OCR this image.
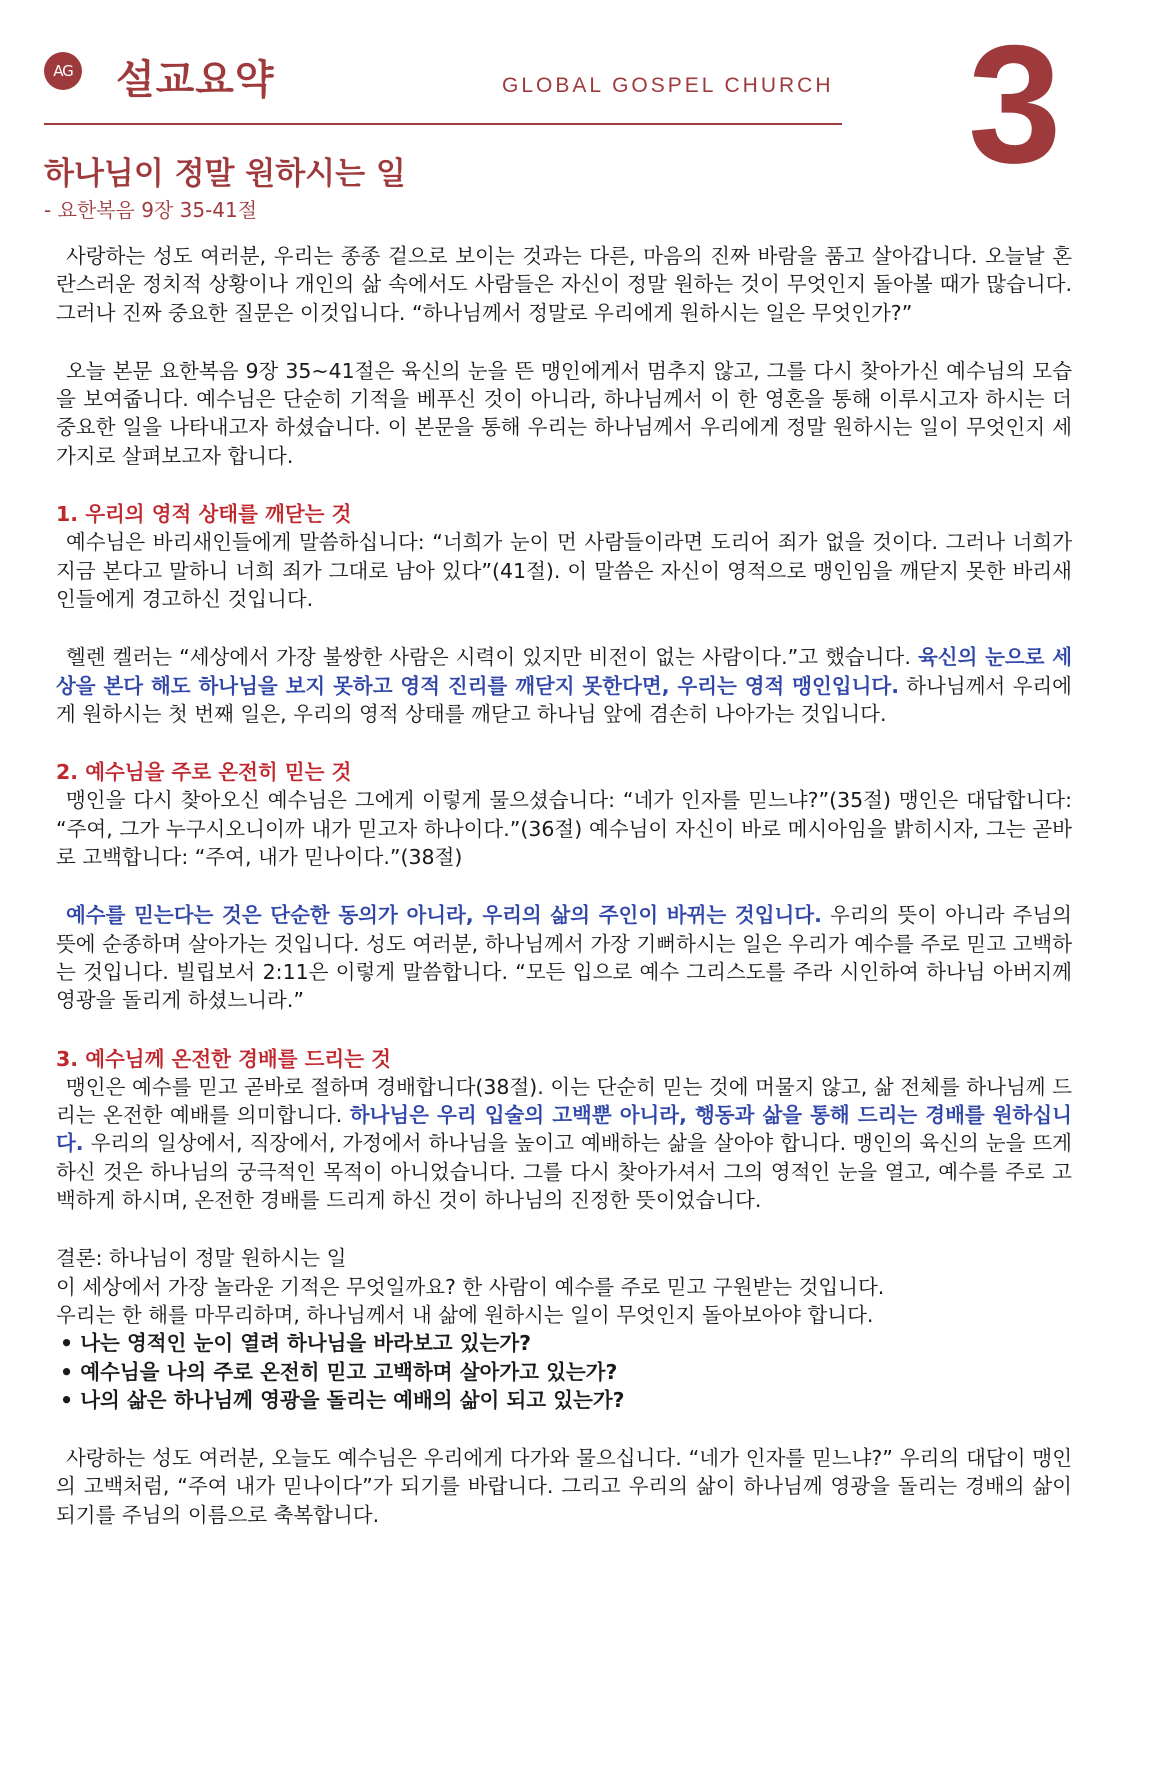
AG 설교요약	GLOBAL GOSPEL CHURCH 3
하나님이 정말 원하시는 일
- 요한복음 9장 35-41절

사랑하는 성도 여러분, 우리는 종종 겉으로 보이는 것과는 다른, 마음의 진짜 바람을 품고 살아갑니다. 오늘날 혼란스러운 정치적 상황이나 개인의 삶 속에서도 사람들은 자신이 정말 원하는 것이 무엇인지 돌아볼 때가 많습니다. 그러나 진짜 중요한 질문은 이것입니다. “하나님께서 정말로 우리에게 원하시는 일은 무엇인가?”

오늘 본문 요한복음 9장 35~41절은 육신의 눈을 뜬 맹인에게서 멈추지 않고, 그를 다시 찾아가신 예수님의 모습을 보여줍니다. 예수님은 단순히 기적을 베푸신 것이 아니라, 하나님께서 이 한 영혼을 통해 이루시고자 하시는 더 중요한 일을 나타내고자 하셨습니다. 이 본문을 통해 우리는 하나님께서 우리에게 정말 원하시는 일이 무엇인지 세 가지로 살펴보고자 합니다.

1. 우리의 영적 상태를 깨닫는 것

예수님은 바리새인들에게 말씀하십니다: “너희가 눈이 먼 사람들이라면 도리어 죄가 없을 것이다. 그러나 너희가 지금 본다고 말하니 너희 죄가 그대로 남아 있다”(41절). 이 말씀은 자신이 영적으로 맹인임을 깨닫지 못한 바리새인들에게 경고하신 것입니다.

헬렌 켈러는 “세상에서 가장 불쌍한 사람은 시력이 있지만 비전이 없는 사람이다.”고 했습니다. 육신의 눈으로 세상을 본다 해도 하나님을 보지 못하고 영적 진리를 깨닫지 못한다면, 우리는 영적 맹인입니다. 하나님께서 우리에게 원하시는 첫 번째 일은, 우리의 영적 상태를 깨닫고 하나님 앞에 겸손히 나아가는 것입니다.

2. 예수님을 주로 온전히 믿는 것

맹인을 다시 찾아오신 예수님은 그에게 이렇게 물으셨습니다: “네가 인자를 믿느냐?”(35절) 맹인은 대답합니다: “주여, 그가 누구시오니이까 내가 믿고자 하나이다.”(36절) 예수님이 자신이 바로 메시아임을 밝히시자, 그는 곧바로 고백합니다: “주여, 내가 믿나이다.”(38절)

예수를 믿는다는 것은 단순한 동의가 아니라, 우리의 삶의 주인이 바뀌는 것입니다. 우리의 뜻이 아니라 주님의 뜻에 순종하며 살아가는 것입니다. 성도 여러분, 하나님께서 가장 기뻐하시는 일은 우리가 예수를 주로 믿고 고백하는 것입니다. 빌립보서 2:11은 이렇게 말씀합니다. “모든 입으로 예수 그리스도를 주라 시인하여 하나님 아버지께 영광을 돌리게 하셨느니라.”

3. 예수님께 온전한 경배를 드리는 것

맹인은 예수를 믿고 곧바로 절하며 경배합니다(38절). 이는 단순히 믿는 것에 머물지 않고, 삶 전체를 하나님께 드리는 온전한 예배를 의미합니다. 하나님은 우리 입술의 고백뿐 아니라, 행동과 삶을 통해 드리는 경배를 원하십니다. 우리의 일상에서, 직장에서, 가정에서 하나님을 높이고 예배하는 삶을 살아야 합니다. 맹인의 육신의 눈을 뜨게 하신 것은 하나님의 궁극적인 목적이 아니었습니다. 그를 다시 찾아가셔서 그의 영적인 눈을 열고, 예수를 주로 고백하게 하시며, 온전한 경배를 드리게 하신 것이 하나님의 진정한 뜻이었습니다.

결론: 하나님이 정말 원하시는 일

이 세상에서 가장 놀라운 기적은 무엇일까요? 한 사람이 예수를 주로 믿고 구원받는 것입니다.

우리는 한 해를 마무리하며, 하나님께서 내 삶에 원하시는 일이 무엇인지 돌아보아야 합니다.

• 나는 영적인 눈이 열려 하나님을 바라보고 있는가?
• 예수님을 나의 주로 온전히 믿고 고백하며 살아가고 있는가?
• 나의 삶은 하나님께 영광을 돌리는 예배의 삶이 되고 있는가?

사랑하는 성도 여러분, 오늘도 예수님은 우리에게 다가와 물으십니다. “네가 인자를 믿느냐?” 우리의 대답이 맹인의 고백처럼, “주여 내가 믿나이다”가 되기를 바랍니다. 그리고 우리의 삶이 하나님께 영광을 돌리는 경배의 삶이 되기를 주님의 이름으로 축복합니다.
